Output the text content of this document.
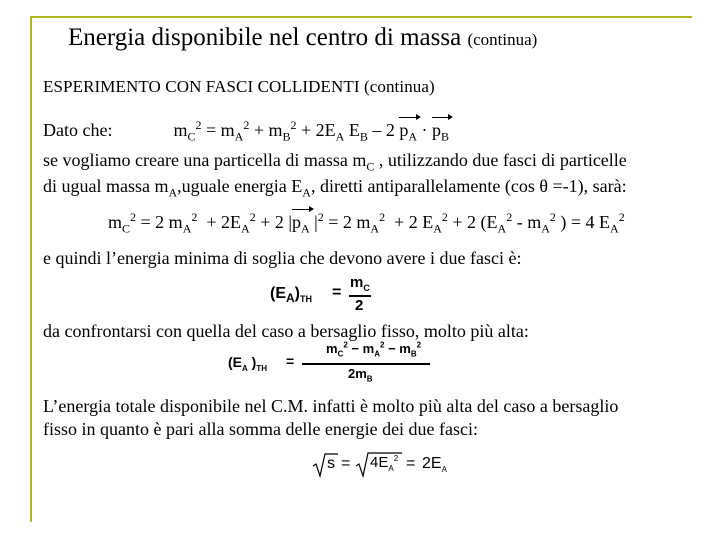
Energia disponibile nel centro di massa (continua)
ESPERIMENTO CON FASCI COLLIDENTI (continua)
Dato che:	$m_C^2 = m_A^2 + m_B^2 + 2E_A$ $E_B - 2$ $p_A \cdot p_B$
se vogliamo creare una particella di massa $m_C$ , utilizzando due fasci di particelle
di ugual massa $m_A,uguale$ energia $E_A$, diretti antiparallelamente (cos θ =-1), sarà:
$m_C^2 = 2$ $m_A^2 + 2E_A^2 + 2$ $|p_A$ $|^2 = 2$ $m_A^2 + 2$ $E_A^2 + 2$ ($E_A^2 - m_A^2$ ) = 4 $E_A^2$
e quindi l’energia minima di soglia che devono avere i due fasci è:
$(E_A)_{TH}$ =
$m_C$
2
da confrontarsi con quella del caso a bersaglio fisso, molto più alta:
($E_A$ )$_{TH}$ =
$m_C^2 - m_A^2 - m_B^2$
$2m_B$
L’energia totale disponibile nel C.M. infatti è molto più alta del caso a bersaglio
fisso in quanto è pari alla somma delle energie dei due fasci:
$s = 4E_A^2 = 2E_A$
